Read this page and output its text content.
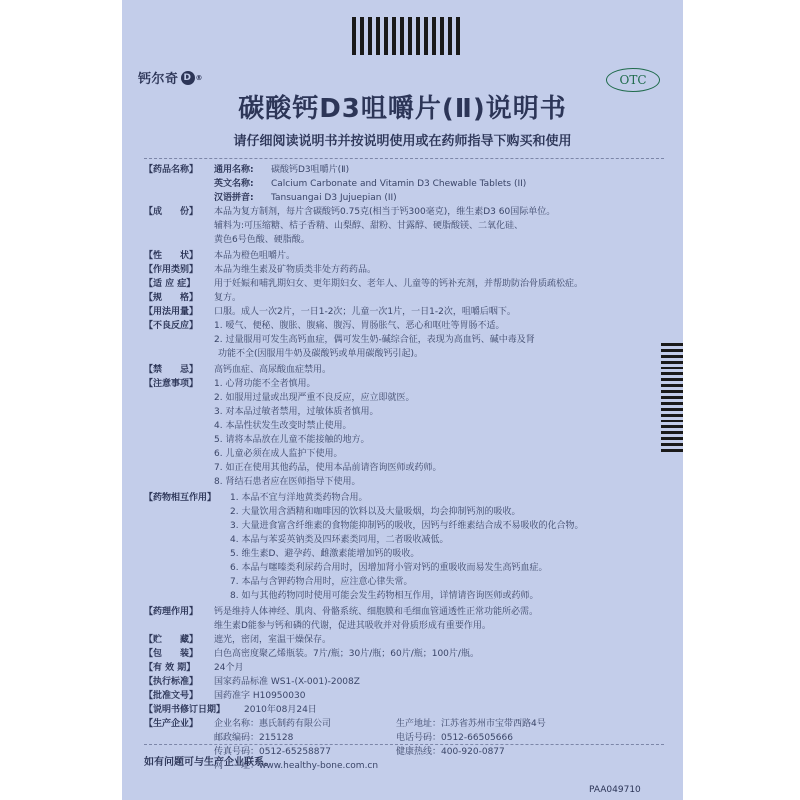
钙尔奇 D ®	OTC
碳酸钙D3咀嚼片(Ⅱ)说明书
请仔细阅读说明书并按说明使用或在药师指导下购买和使用
【药品名称】	通用名称:	碳酸钙D3咀嚼片(Ⅱ)
英文名称:	Calcium Carbonate and Vitamin D3 Chewable Tablets (II)
汉语拼音:	Tansuangai D3 Jujuepian (II)
【成　　份】	本品为复方制剂，每片含碳酸钙0.75克(相当于钙300毫克)，维生素D3 60国际单位。
辅料为:可压缩糖、桔子香精、山梨醇、甜粉、甘露醇、硬脂酸镁、二氧化硅、
黄色6号色酸、硬脂酸。
【性　　状】	本品为橙色咀嚼片。
【作用类别】	本品为维生素及矿物质类非处方药药品。
【适 应 症】	用于妊娠和哺乳期妇女、更年期妇女、老年人、儿童等的钙补充剂，并帮助防治骨质疏松症。
【规　　格】	复方。
【用法用量】	口服。成人一次2片，一日1-2次；儿童一次1片，一日1-2次，咀嚼后咽下。
【不良反应】	1. 嗳气、便秘、腹胀、腹痛、腹泻、胃肠胀气、恶心和呕吐等胃肠不适。
2. 过量服用可发生高钙血症，偶可发生奶-碱综合征，表现为高血钙、碱中毒及肾
功能不全(因服用牛奶及碳酸钙或单用碳酸钙引起)。
【禁　　忌】	高钙血症、高尿酸血症禁用。
【注意事项】	1. 心肾功能不全者慎用。
2. 如服用过量或出现严重不良反应，应立即就医。
3. 对本品过敏者禁用，过敏体质者慎用。
4. 本品性状发生改变时禁止使用。
5. 请将本品放在儿童不能接触的地方。
6. 儿童必须在成人监护下使用。
7. 如正在使用其他药品，使用本品前请咨询医师或药师。
8. 肾结石患者应在医师指导下使用。
【药物相互作用】	1. 本品不宜与洋地黄类药物合用。
2. 大量饮用含酒精和咖啡因的饮料以及大量吸烟，均会抑制钙剂的吸收。
3. 大量进食富含纤维素的食物能抑制钙的吸收，因钙与纤维素结合成不易吸收的化合物。
4. 本品与苯妥英钠类及四环素类同用，二者吸收减低。
5. 维生素D、避孕药、雌激素能增加钙的吸收。
6. 本品与噻嗪类利尿药合用时，因增加肾小管对钙的重吸收而易发生高钙血症。
7. 本品与含钾药物合用时，应注意心律失常。
8. 如与其他药物同时使用可能会发生药物相互作用，详情请咨询医师或药师。
【药理作用】	钙是维持人体神经、肌肉、骨骼系统、细胞膜和毛细血管通透性正常功能所必需。
维生素D能参与钙和磷的代谢，促进其吸收并对骨质形成有重要作用。
【贮　　藏】	遮光，密闭，室温干燥保存。
【包　　装】	白色高密度聚乙烯瓶装。7片/瓶；30片/瓶；60片/瓶；100片/瓶。
【有 效 期】	24个月
【执行标准】	国家药品标准 WS1-(X-001)-2008Z
【批准文号】	国药准字 H10950030
【说明书修订日期】	2010年08月24日
【生产企业】	企业名称：惠氏制药有限公司	生产地址：江苏省苏州市宝带西路4号
邮政编码：215128	电话号码：0512-66505666
传真号码：0512-65258877	健康热线：400-920-0877
网　　址：www.healthy-bone.com.cn
如有问题可与生产企业联系。
PAA049710
